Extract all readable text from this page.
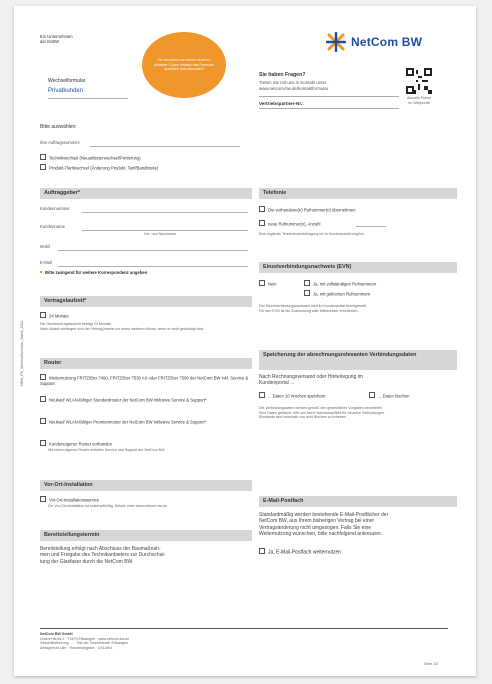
Ein Unternehmen
der EnBW
Sie wechseln von einem anderen Anbieter? Dann einfach das Formular ausfüllen und absenden!
NetCom BW
Wechselformular
Privatkunden
Sie haben Fragen?
Treten Sie mit uns in Kontakt unter
www.netcom-bw.de/kontaktformular
Vertriebspartner-Nr.:
Aktuelle Preise
im Webportal
Bitte auswählen:
Ihre Auftragsnummer:
Technikwechsel (Neuanbieterwechsel/Portierung)
Produkt-/Tarifwechsel (Änderung Produkt, Tarif/Bandbreite)
Auftraggeber*
Kundennummer
Kundenname
Vor- und Nachname
Mobil
E-Mail
Bitte zwingend für weitere Korrespondenz angeben
Vertragslaufzeit*
24 Monate
Die Grundvertragslaufzeit beträgt 24 Monate.
Nach Ablauf verlängert sich der Vertrag jeweils um einen weiteren Monat, wenn er nicht gekündigt wird.
Router
Weiternutzung FRITZ!Box 7490, FRITZ!Box 7530 AX oder FRITZ!Box 7590 der NetCom BW inkl. Service & Support
Neukauf WLAN-fähiger Standardrouter der NetCom BW inklusive Service & Support*
Neukauf WLAN-fähiger Premiumrouter der NetCom BW inklusive Service & Support*
Kundeneigener Router vorhanden
Mit einem eigenen Router entfallen Service und Support der NetCom BW.
Vor-Ort-Installation
Vor-Ort-Installationsservice
Die Vor-Ort-Installation ist kostenpflichtig. Details unter www.netcom-bw.de.
Bereitstellungstermin
Bereitstellung erfolgt nach Abschluss der Baumaßnah-
men und Freigabe des Technikanbieters zur Durchschal-
tung der Glasfaser durch die NetCom BW.
Telefonie
Die vorhandene(n) Rufnummer(n) übernehmen
neue Rufnummer(n), Anzahl
Eine ergänzte Telefonbucheintragung ist im Kundenportal möglich.
Einzelverbindungsnachweis (EVN)
Nein	Ja, mit vollständigen Rufnummern
Ja, mit gekürzten Rufnummern
Der Einzelverbindungsnachweis wird im Kundenportal bereitgestellt.
Für den EVN ist die Zustimmung aller Mitbenutzer erforderlich.
Speicherung der abrechnungsrelevanten Verbindungsdaten
Nach Rechnungsversand oder Hinterlegung im
Kundenportal ...
... Daten 10 Wochen speichern	... Daten löschen
Die Verbindungsdaten werden gemäß den gesetzlichen Vorgaben verarbeitet.
Sind Daten gelöscht, trifft uns keine Nachweispflicht für einzelne Verbindungen.
Einwände sind innerhalb von acht Wochen zu erheben.
E-Mail-Postfach
Standardmäßig werden bestehende E-Mail-Postfächer der
NetCom BW, aus Ihrem bisherigen Vertrag bei einer
Vertragsänderung nicht umgezogen. Falls Sie eine
Weiternutzung wünschen, bitte nachfolgend ankreuzen.
Ja, E-Mail-Postfach weiternutzen
NBW_PK_Wechselformular_Stand_2024
NetCom BW GmbH
Unterer Brühl 2 · 73479 Ellwangen · www.netcom-bw.de
Geschäftsführung: ... · Sitz der Gesellschaft: Ellwangen
Amtsgericht Ulm · Handelsregister · USt-IdNr.
Seite 1/2
